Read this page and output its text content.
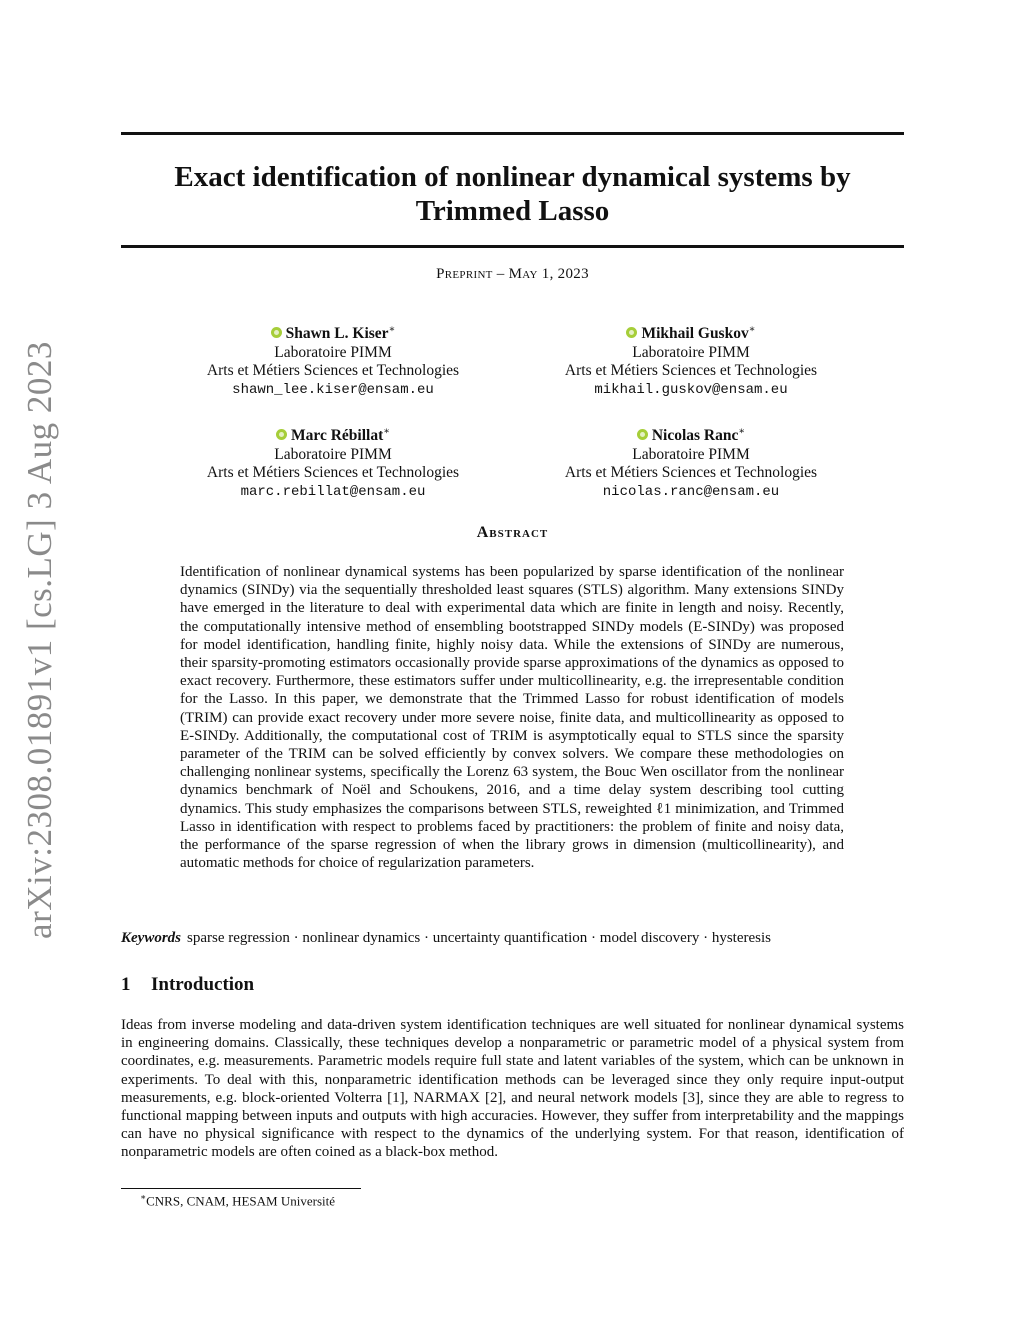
arXiv:2308.01891v1 [cs.LG] 3 Aug 2023
Exact identification of nonlinear dynamical systems by Trimmed Lasso
Preprint – May 1, 2023
Shawn L. Kiser∗
Laboratoire PIMM
Arts et Métiers Sciences et Technologies
shawn_lee.kiser@ensam.eu
Mikhail Guskov∗
Laboratoire PIMM
Arts et Métiers Sciences et Technologies
mikhail.guskov@ensam.eu
Marc Rébillat∗
Laboratoire PIMM
Arts et Métiers Sciences et Technologies
marc.rebillat@ensam.eu
Nicolas Ranc∗
Laboratoire PIMM
Arts et Métiers Sciences et Technologies
nicolas.ranc@ensam.eu
Abstract
Identification of nonlinear dynamical systems has been popularized by sparse identification of the nonlinear dynamics (SINDy) via the sequentially thresholded least squares (STLS) algorithm. Many extensions SINDy have emerged in the literature to deal with experimental data which are finite in length and noisy. Recently, the computationally intensive method of ensembling bootstrapped SINDy models (E-SINDy) was proposed for model identification, handling finite, highly noisy data. While the extensions of SINDy are numerous, their sparsity-promoting estimators occasionally provide sparse approximations of the dynamics as opposed to exact recovery. Furthermore, these estimators suffer under multicollinearity, e.g. the irrepresentable condition for the Lasso. In this paper, we demonstrate that the Trimmed Lasso for robust identification of models (TRIM) can provide exact recovery under more severe noise, finite data, and multicollinearity as opposed to E-SINDy. Additionally, the computational cost of TRIM is asymptotically equal to STLS since the sparsity parameter of the TRIM can be solved efficiently by convex solvers. We compare these methodologies on challenging nonlinear systems, specifically the Lorenz 63 system, the Bouc Wen oscillator from the nonlinear dynamics benchmark of Noël and Schoukens, 2016, and a time delay system describing tool cutting dynamics. This study emphasizes the comparisons between STLS, reweighted ℓ1 minimization, and Trimmed Lasso in identification with respect to problems faced by practitioners: the problem of finite and noisy data, the performance of the sparse regression of when the library grows in dimension (multicollinearity), and automatic methods for choice of regularization parameters.
Keywords sparse regression · nonlinear dynamics · uncertainty quantification · model discovery · hysteresis
1 Introduction
Ideas from inverse modeling and data-driven system identification techniques are well situated for nonlinear dynamical systems in engineering domains. Classically, these techniques develop a nonparametric or parametric model of a physical system from coordinates, e.g. measurements. Parametric models require full state and latent variables of the system, which can be unknown in experiments. To deal with this, nonparametric identification methods can be leveraged since they only require input-output measurements, e.g. block-oriented Volterra [1], NARMAX [2], and neural network models [3], since they are able to regress to functional mapping between inputs and outputs with high accuracies. However, they suffer from interpretability and the mappings can have no physical significance with respect to the dynamics of the underlying system. For that reason, identification of nonparametric models are often coined as a black-box method.
∗CNRS, CNAM, HESAM Université
